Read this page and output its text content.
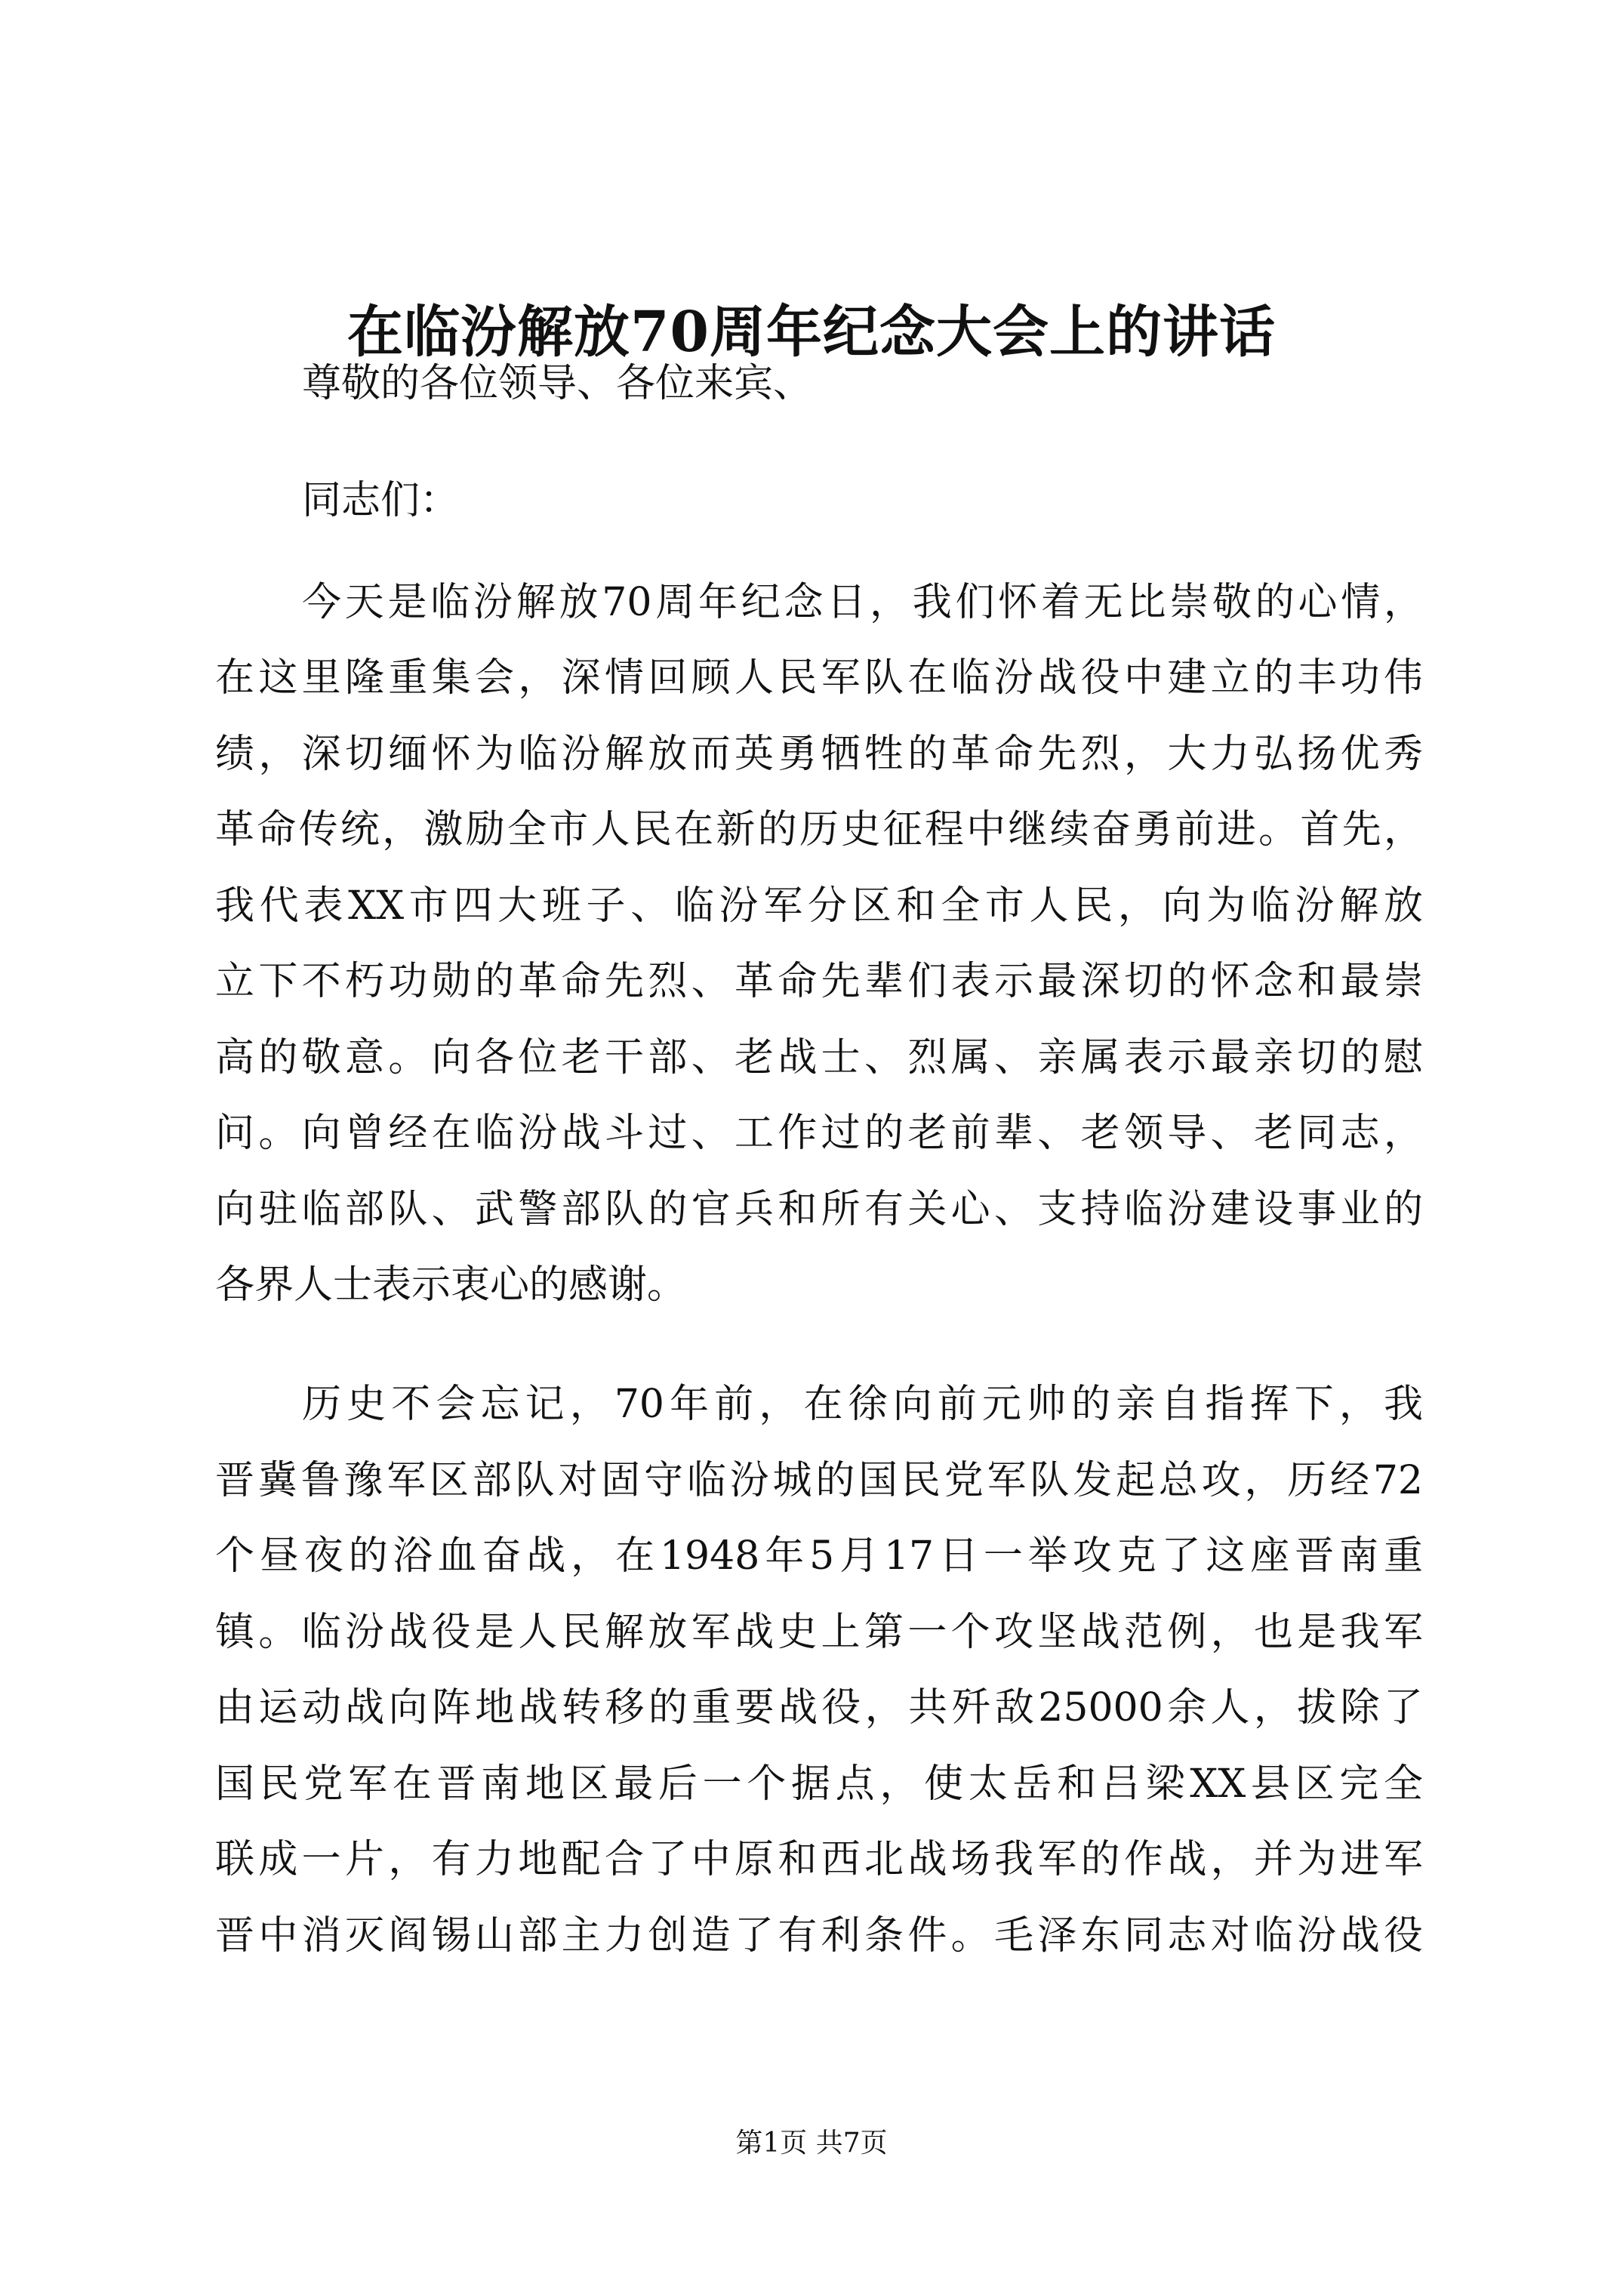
在临汾解放70周年纪念大会上的讲话
尊敬的各位领导、各位来宾、
同志们：
今天是临汾解放70周年纪念日，我们怀着无比崇敬的心情，
在这里隆重集会，深情回顾人民军队在临汾战役中建立的丰功伟
绩，深切缅怀为临汾解放而英勇牺牲的革命先烈，大力弘扬优秀
革命传统，激励全市人民在新的历史征程中继续奋勇前进。首先，
我代表XX市四大班子、临汾军分区和全市人民，向为临汾解放
立下不朽功勋的革命先烈、革命先辈们表示最深切的怀念和最崇
高的敬意。向各位老干部、老战士、烈属、亲属表示最亲切的慰
问。向曾经在临汾战斗过、工作过的老前辈、老领导、老同志，
向驻临部队、武警部队的官兵和所有关心、支持临汾建设事业的
各界人士表示衷心的感谢。
历史不会忘记，70年前，在徐向前元帅的亲自指挥下，我
晋冀鲁豫军区部队对固守临汾城的国民党军队发起总攻，历经72
个昼夜的浴血奋战，在1948年5月17日一举攻克了这座晋南重
镇。临汾战役是人民解放军战史上第一个攻坚战范例，也是我军
由运动战向阵地战转移的重要战役，共歼敌25000余人，拔除了
国民党军在晋南地区最后一个据点，使太岳和吕梁XX县区完全
联成一片，有力地配合了中原和西北战场我军的作战，并为进军
晋中消灭阎锡山部主力创造了有利条件。毛泽东同志对临汾战役
第1页 共7页
